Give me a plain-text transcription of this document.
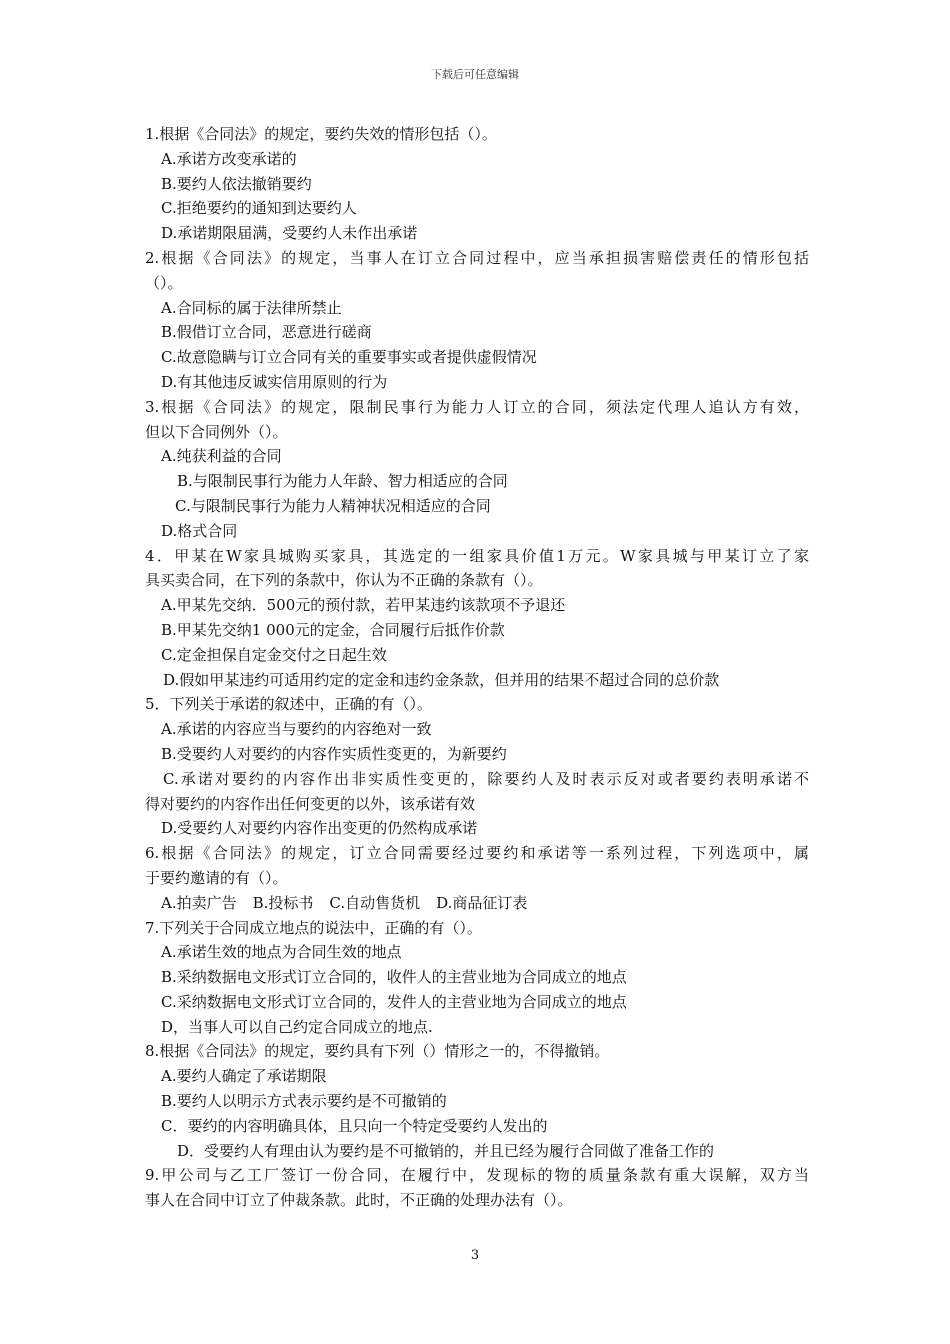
下载后可任意编辑
1.根据《合同法》的规定，要约失效的情形包括（）。
A.承诺方改变承诺的
B.要约人依法撤销要约
C.拒绝要约的通知到达要约人
D.承诺期限届满，受要约人未作出承诺
2.根据《合同法》的规定，当事人在订立合同过程中，应当承担损害赔偿责任的情形包括
（）。
A.合同标的属于法律所禁止
B.假借订立合同，恶意进行磋商
C.故意隐瞒与订立合同有关的重要事实或者提供虚假情况
D.有其他违反诚实信用原则的行为
3.根据《合同法》的规定，限制民事行为能力人订立的合同，须法定代理人追认方有效，
但以下合同例外（）。
A.纯获利益的合同
B.与限制民事行为能力人年龄、智力相适应的合同
C.与限制民事行为能力人精神状况相适应的合同
D.格式合同
4．甲某在W家具城购买家具，其选定的一组家具价值1万元。W家具城与甲某订立了家
具买卖合同，在下列的条款中，你认为不正确的条款有（）。
A.甲某先交纳．500元的预付款，若甲某违约该款项不予退还
B.甲某先交纳1 000元的定金，合同履行后抵作价款
C.定金担保自定金交付之日起生效
D.假如甲某违约可适用约定的定金和违约金条款，但并用的结果不超过合同的总价款
5．下列关于承诺的叙述中，正确的有（）。
A.承诺的内容应当与要约的内容绝对一致
B.受要约人对要约的内容作实质性变更的，为新要约
C.承诺对要约的内容作出非实质性变更的，除要约人及时表示反对或者要约表明承诺不
得对要约的内容作出任何变更的以外，该承诺有效
D.受要约人对要约内容作出变更的仍然构成承诺
6.根据《合同法》的规定，订立合同需要经过要约和承诺等一系列过程，下列选项中，属
于要约邀请的有（）。
A.拍卖广告 B.投标书 C.自动售货机 D.商品征订表
7.下列关于合同成立地点的说法中，正确的有（）。
A.承诺生效的地点为合同生效的地点
B.采纳数据电文形式订立合同的，收件人的主营业地为合同成立的地点
C.采纳数据电文形式订立合同的，发件人的主营业地为合同成立的地点
D，当事人可以自己约定合同成立的地点.
8.根据《合同法》的规定，要约具有下列（）情形之一的，不得撤销。
A.要约人确定了承诺期限
B.要约人以明示方式表示要约是不可撤销的
C．要约的内容明确具体，且只向一个特定受要约人发出的
D．受要约人有理由认为要约是不可撤销的，并且已经为履行合同做了准备工作的
9.甲公司与乙工厂签订一份合同，在履行中，发现标的物的质量条款有重大误解，双方当
事人在合同中订立了仲裁条款。此时，不正确的处理办法有（）。
3
